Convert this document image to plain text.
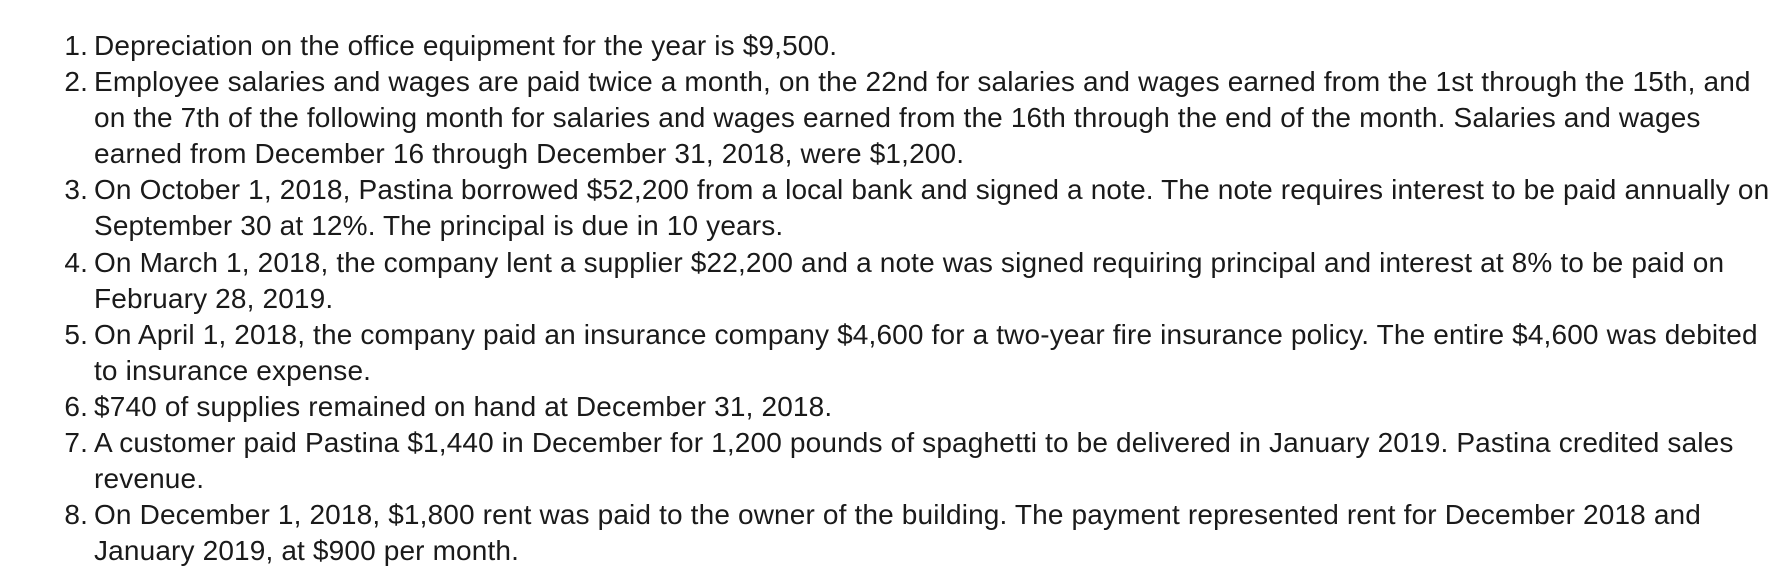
1. Depreciation on the office equipment for the year is $9,500.
2. Employee salaries and wages are paid twice a month, on the 22nd for salaries and wages earned from the 1st through the 15th, and on the 7th of the following month for salaries and wages earned from the 16th through the end of the month. Salaries and wages earned from December 16 through December 31, 2018, were $1,200.
3. On October 1, 2018, Pastina borrowed $52,200 from a local bank and signed a note. The note requires interest to be paid annually on September 30 at 12%. The principal is due in 10 years.
4. On March 1, 2018, the company lent a supplier $22,200 and a note was signed requiring principal and interest at 8% to be paid on February 28, 2019.
5. On April 1, 2018, the company paid an insurance company $4,600 for a two-year fire insurance policy. The entire $4,600 was debited to insurance expense.
6. $740 of supplies remained on hand at December 31, 2018.
7. A customer paid Pastina $1,440 in December for 1,200 pounds of spaghetti to be delivered in January 2019. Pastina credited sales revenue.
8. On December 1, 2018, $1,800 rent was paid to the owner of the building. The payment represented rent for December 2018 and January 2019, at $900 per month.
